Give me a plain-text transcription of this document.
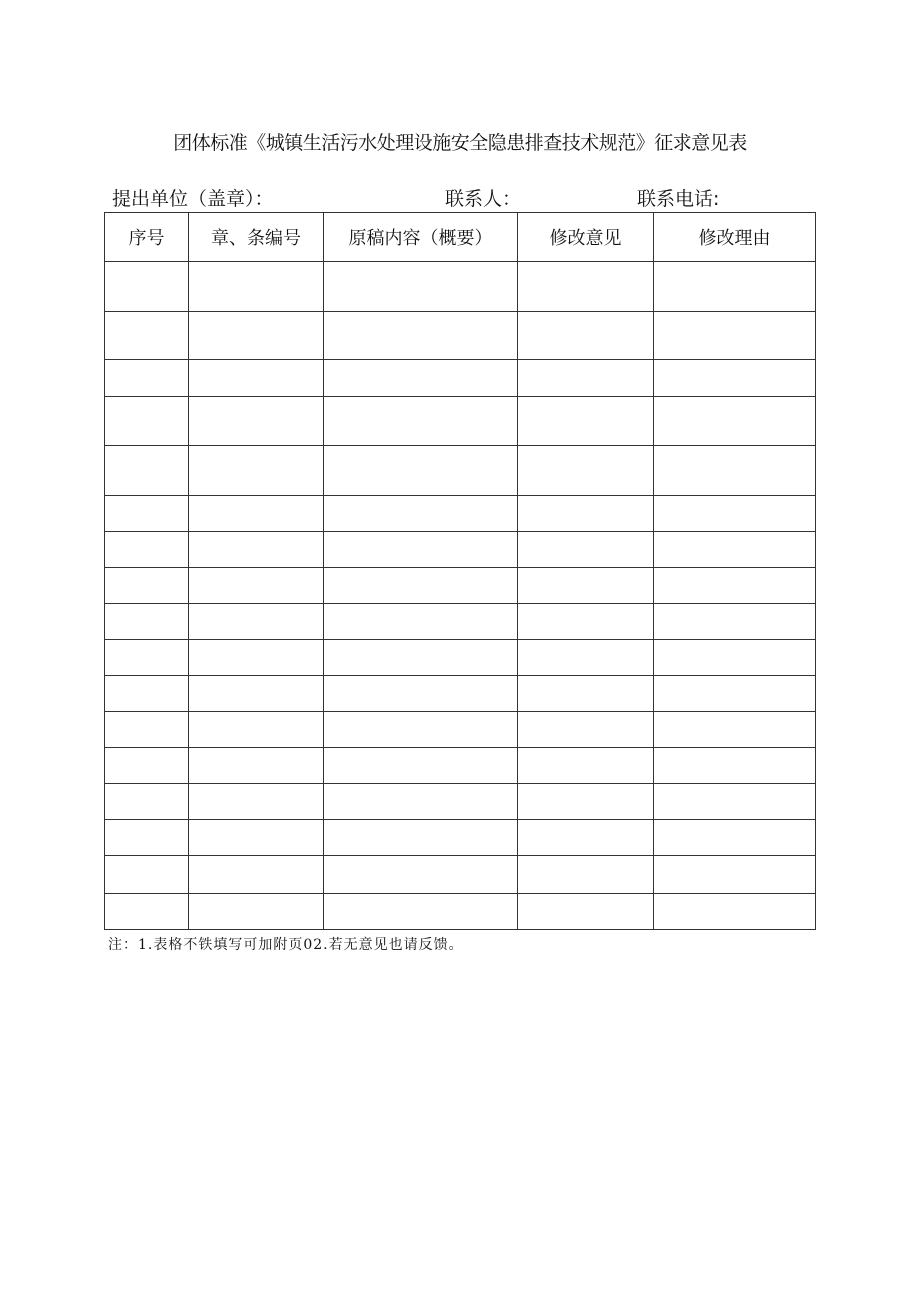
团体标准《城镇生活污水处理设施安全隐患排查技术规范》征求意见表
提出单位（盖章）：	联系人：	联系电话:
序号	章、条编号	原稿内容（概要）	修改意见	修改理由

注：1.表格不铁填写可加附页02.若无意见也请反馈。
